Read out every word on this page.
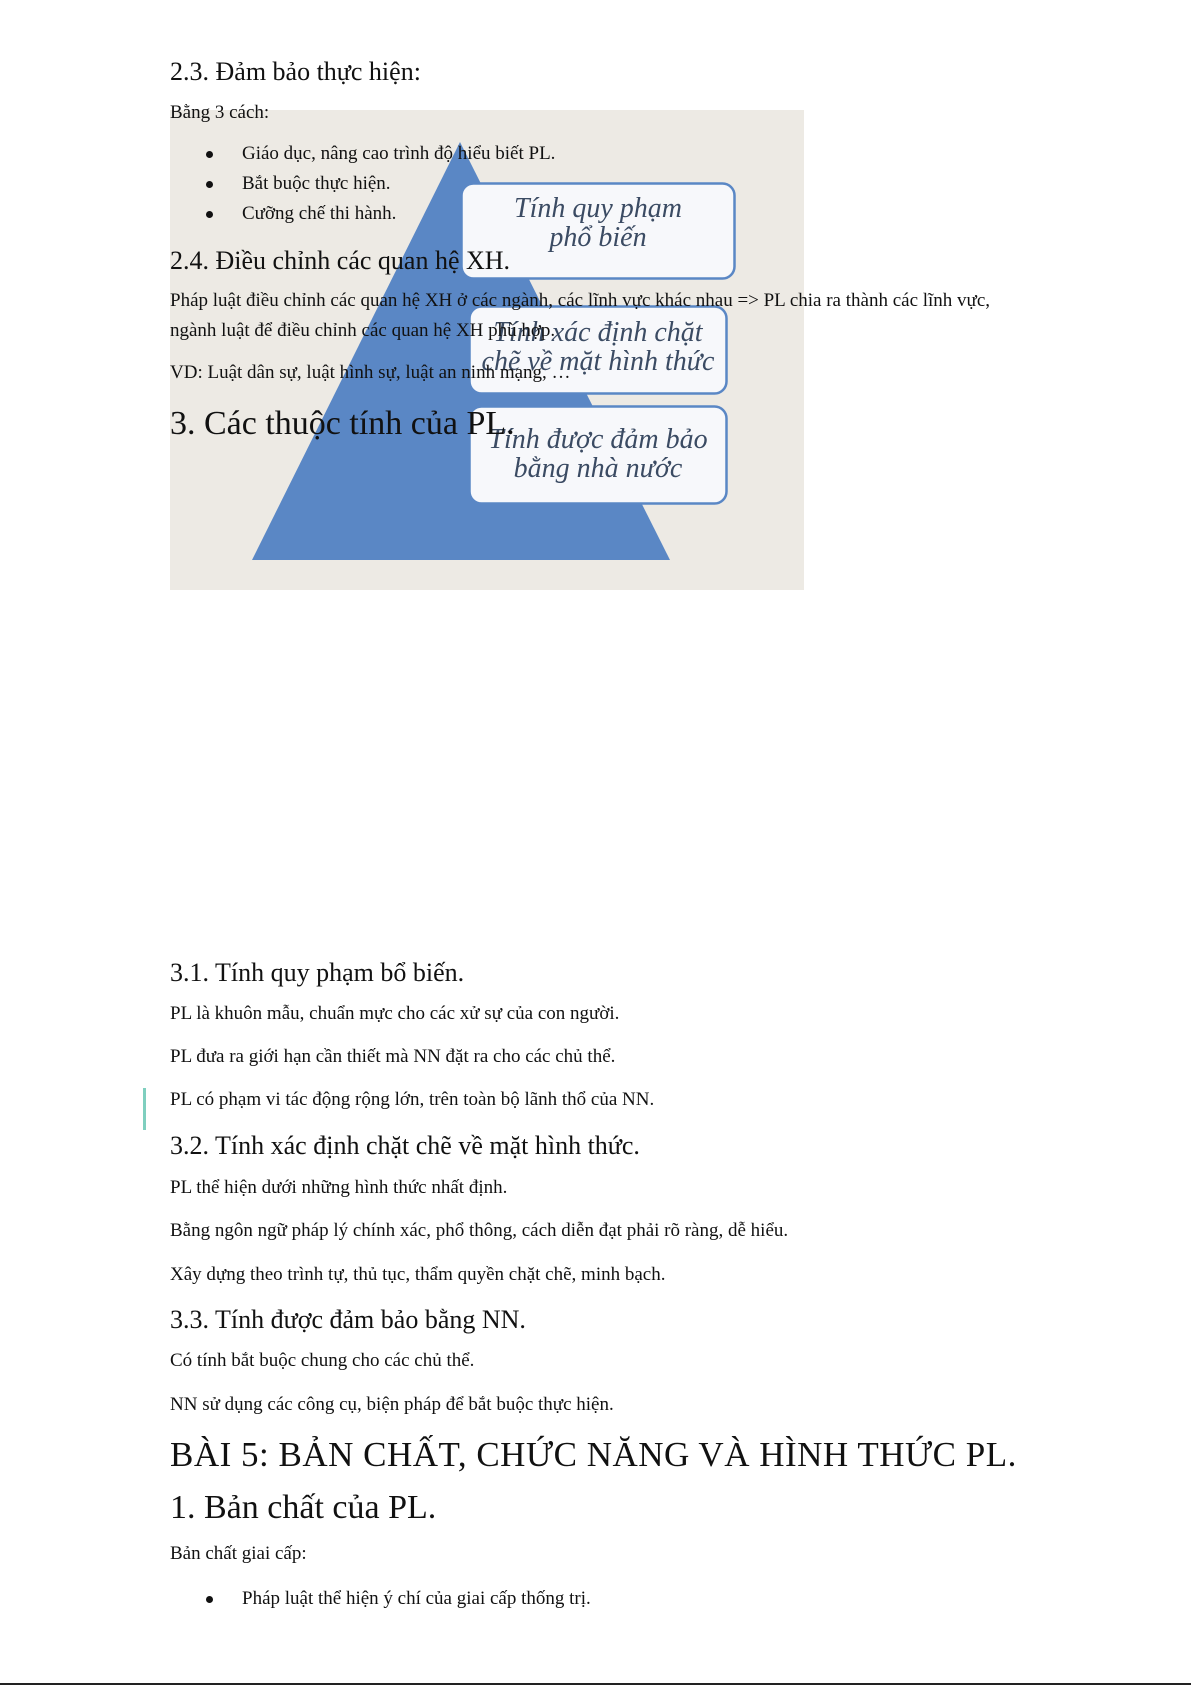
Tính quy phạm
phổ biến
Tính xác định chặt
chẽ về mặt hình thức
Tính được đảm bảo
bằng nhà nước
2.3. Đảm bảo thực hiện:
Bằng 3 cách:
Giáo dục, nâng cao trình độ hiểu biết PL.
Bắt buộc thực hiện.
Cưỡng chế thi hành.
2.4. Điều chỉnh các quan hệ XH.
Pháp luật điều chỉnh các quan hệ XH ở các ngành, các lĩnh vực khác nhau => PL chia ra thành các lĩnh vực,
ngành luật để điều chỉnh các quan hệ XH phù hợp.
VD: Luật dân sự, luật hình sự, luật an ninh mạng, …
3. Các thuộc tính của PL.
3.1. Tính quy phạm bổ biến.
PL là khuôn mẫu, chuẩn mực cho các xử sự của con người.
PL đưa ra giới hạn cần thiết mà NN đặt ra cho các chủ thể.
PL có phạm vi tác động rộng lớn, trên toàn bộ lãnh thổ của NN.
3.2. Tính xác định chặt chẽ về mặt hình thức.
PL thể hiện dưới những hình thức nhất định.
Bằng ngôn ngữ pháp lý chính xác, phổ thông, cách diễn đạt phải rõ ràng, dễ hiểu.
Xây dựng theo trình tự, thủ tục, thẩm quyền chặt chẽ, minh bạch.
3.3. Tính được đảm bảo bằng NN.
Có tính bắt buộc chung cho các chủ thể.
NN sử dụng các công cụ, biện pháp để bắt buộc thực hiện.
BÀI 5: BẢN CHẤT, CHỨC NĂNG VÀ HÌNH THỨC PL.
1. Bản chất của PL.
Bản chất giai cấp:
Pháp luật thể hiện ý chí của giai cấp thống trị.
